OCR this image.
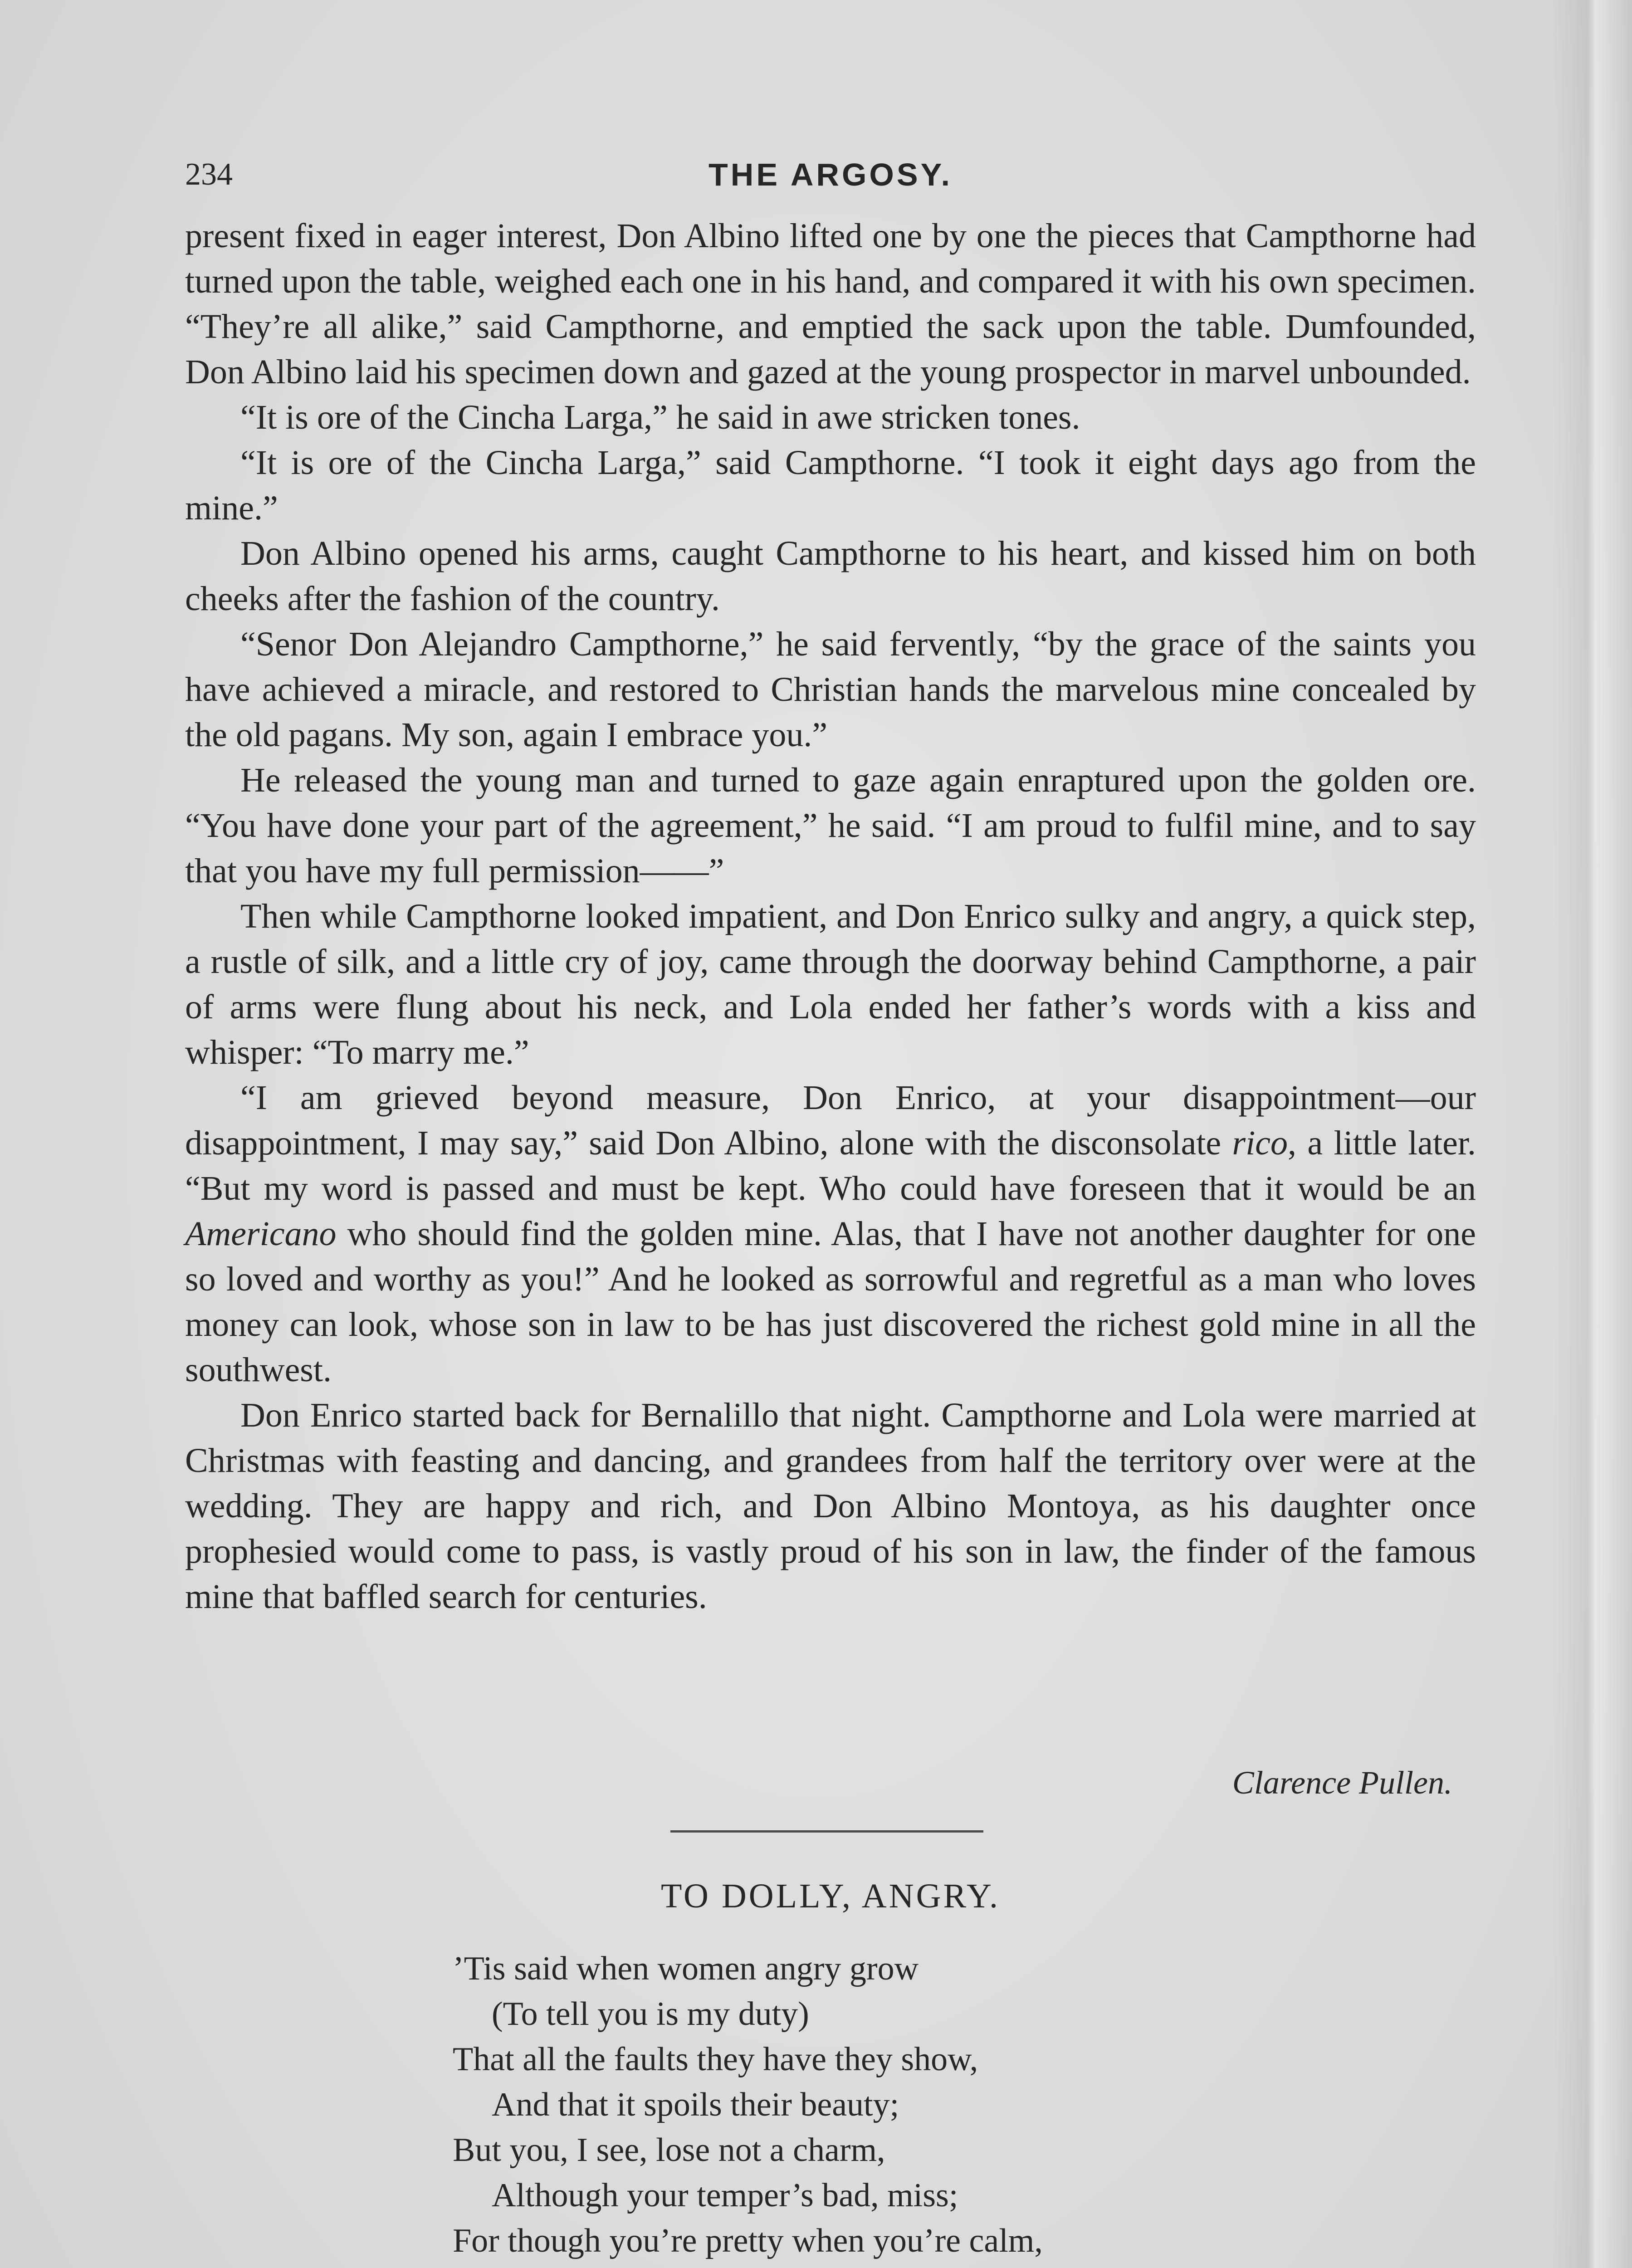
THE ARGOSY.
234

present fixed in eager interest, Don Albino lifted one by one the pieces that Campthorne had turned upon the table, weighed each one in his hand, and compared it with his own specimen. “They’re all alike,” said Campthorne, and emptied the sack upon the table. Dumfounded, Don Albino laid his specimen down and gazed at the young prospector in marvel unbounded.

“It is ore of the Cincha Larga,” he said in awe stricken tones.

“It is ore of the Cincha Larga,” said Campthorne. “I took it eight days ago from the mine.”

Don Albino opened his arms, caught Campthorne to his heart, and kissed him on both cheeks after the fashion of the country.

“Senor Don Alejandro Campthorne,” he said fervently, “by the grace of the saints you have achieved a miracle, and restored to Christian hands the marvelous mine concealed by the old pagans. My son, again I embrace you.”

He released the young man and turned to gaze again enraptured upon the golden ore. “You have done your part of the agreement,” he said. “I am proud to fulfil mine, and to say that you have my full permission——”

Then while Campthorne looked impatient, and Don Enrico sulky and angry, a quick step, a rustle of silk, and a little cry of joy, came through the doorway behind Campthorne, a pair of arms were flung about his neck, and Lola ended her father’s words with a kiss and whisper: “To marry me.”

“I am grieved beyond measure, Don Enrico, at your disappointment—our disappointment, I may say,” said Don Albino, alone with the disconsolate rico, a little later. “But my word is passed and must be kept. Who could have foreseen that it would be an Americano who should find the golden mine. Alas, that I have not another daughter for one so loved and worthy as you!” And he looked as sorrowful and regretful as a man who loves money can look, whose son in law to be has just discovered the richest gold mine in all the southwest.

Don Enrico started back for Bernalillo that night. Campthorne and Lola were married at Christmas with feasting and dancing, and grandees from half the territory over were at the wedding. They are happy and rich, and Don Albino Montoya, as his daughter once prophesied would come to pass, is vastly proud of his son in law, the finder of the famous mine that baffled search for centuries.

Clarence Pullen.
TO DOLLY, ANGRY.
’Tis said when women angry grow
(To tell you is my duty)
That all the faults they have they show,
And that it spoils their beauty;
But you, I see, lose not a charm,
Although your temper’s bad, miss;
For though you’re pretty when you’re calm,
